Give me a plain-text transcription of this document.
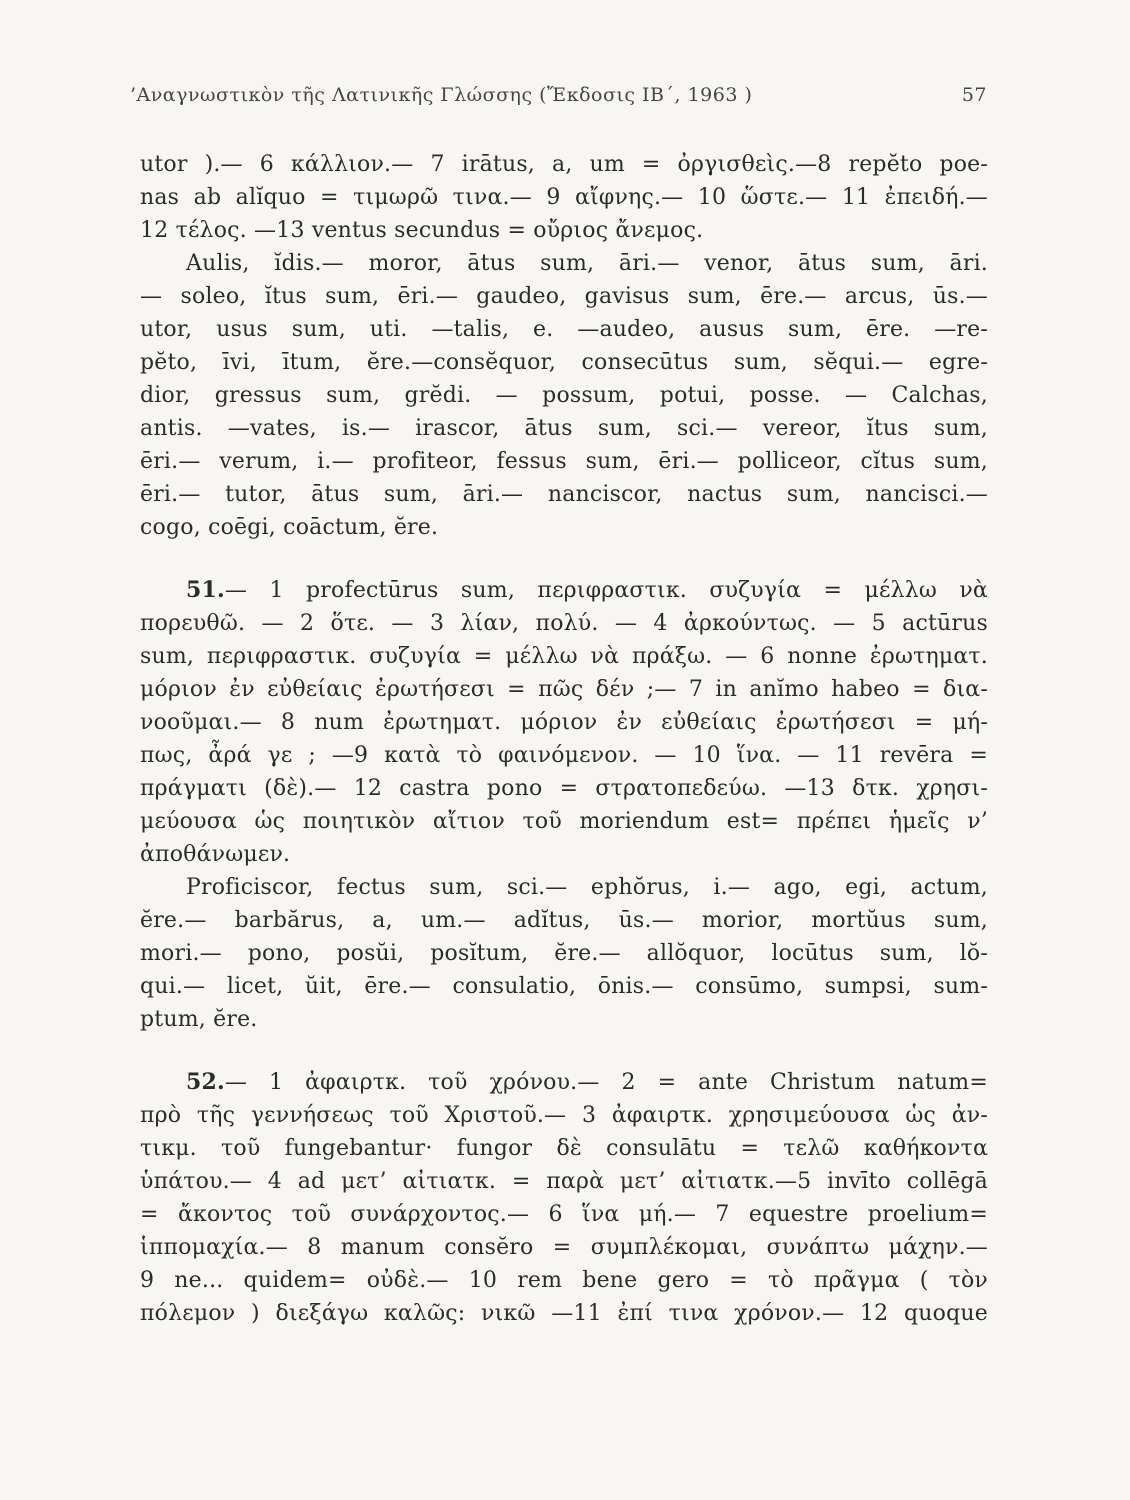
’Αναγνωστικὸν τῆς Λατινικῆς Γλώσσης (Ἔκδοσις ΙΒ΄, 1963 )	57

utor ).— 6 κάλλιον.— 7 irātus, a, um = ὀργισθεὶς.—8 repĕto poe-

nas ab alĭquo = τιμωρῶ τινα.— 9 αἴφνης.— 10 ὥστε.— 11 ἐπειδή.—

12 τέλος. —13 ventus secundus = οὔριος ἄνεμος.

Aulis, ĭdis.— moror, ātus sum, āri.— venor, ātus sum, āri.

— soleo, ĭtus sum, ēri.— gaudeo, gavisus sum, ēre.— arcus, ūs.—

utor, usus sum, uti. —talis, e. —audeo, ausus sum, ēre. —re-

pĕto, īvi, ītum, ĕre.—consĕquor, consecūtus sum, sĕqui.— egre-

dior, gressus sum, grĕdi. — possum, potui, posse. — Calchas,

antis. —vates, is.— irascor, ātus sum, sci.— vereor, ĭtus sum,

ēri.— verum, i.— profiteor, fessus sum, ēri.— polliceor, cĭtus sum,

ēri.— tutor, ātus sum, āri.— nanciscor, nactus sum, nancisci.—

cogo, coēgi, coāctum, ĕre.

51.— 1 profectūrus sum, περιφραστικ. συζυγία = μέλλω νὰ

πορευθῶ. — 2 ὅτε. — 3 λίαν, πολύ. — 4 ἀρκούντως. — 5 actūrus

sum, περιφραστικ. συζυγία = μέλλω νὰ πράξω. — 6 nonne ἐρωτηματ.

μόριον ἐν εὐθείαις ἐρωτήσεσι = πῶς δέν ;— 7 in anĭmo habeo = δια-

νοοῦμαι.— 8 num ἐρωτηματ. μόριον ἐν εὐθείαις ἐρωτήσεσι = μή-

πως, ἆρά γε ; —9 κατὰ τὸ φαινόμενον. — 10 ἵνα. — 11 revēra =

πράγματι (δὲ).— 12 castra pono = στρατοπεδεύω. —13 δτκ. χρησι-

μεύουσα ὡς ποιητικὸν αἴτιον τοῦ moriendum est= πρέπει ἡμεῖς ν’

ἀποθάνωμεν.

Proficiscor, fectus sum, sci.— ephŏrus, i.— ago, egi, actum,

ĕre.— barbărus, a, um.— adĭtus, ūs.— morior, mortŭus sum,

mori.— pono, posŭi, posĭtum, ĕre.— allŏquor, locūtus sum, lŏ-

qui.— licet, ŭit, ēre.— consulatio, ōnis.— consūmo, sumpsi, sum-

ptum, ĕre.

52.— 1 ἀφαιρτκ. τοῦ χρόνου.— 2 = ante Christum natum=

πρὸ τῆς γεννήσεως τοῦ Χριστοῦ.— 3 ἀφαιρτκ. χρησιμεύουσα ὡς ἀν-

τικμ. τοῦ fungebantur· fungor δὲ consulātu = τελῶ καθήκοντα

ὑπάτου.— 4 ad μετ’ αἰτιατκ. = παρὰ μετ’ αἰτιατκ.—5 invīto collēgā

= ἄκοντος τοῦ συνάρχοντος.— 6 ἵνα μή.— 7 equestre proelium=

ἱππομαχία.— 8 manum consĕro = συμπλέκομαι, συνάπτω μάχην.—

9 ne... quidem= οὐδὲ.— 10 rem bene gero = τὸ πρᾶγμα ( τὸν

πόλεμον ) διεξάγω καλῶς: νικῶ —11 ἐπί τινα χρόνον.— 12 quoque
